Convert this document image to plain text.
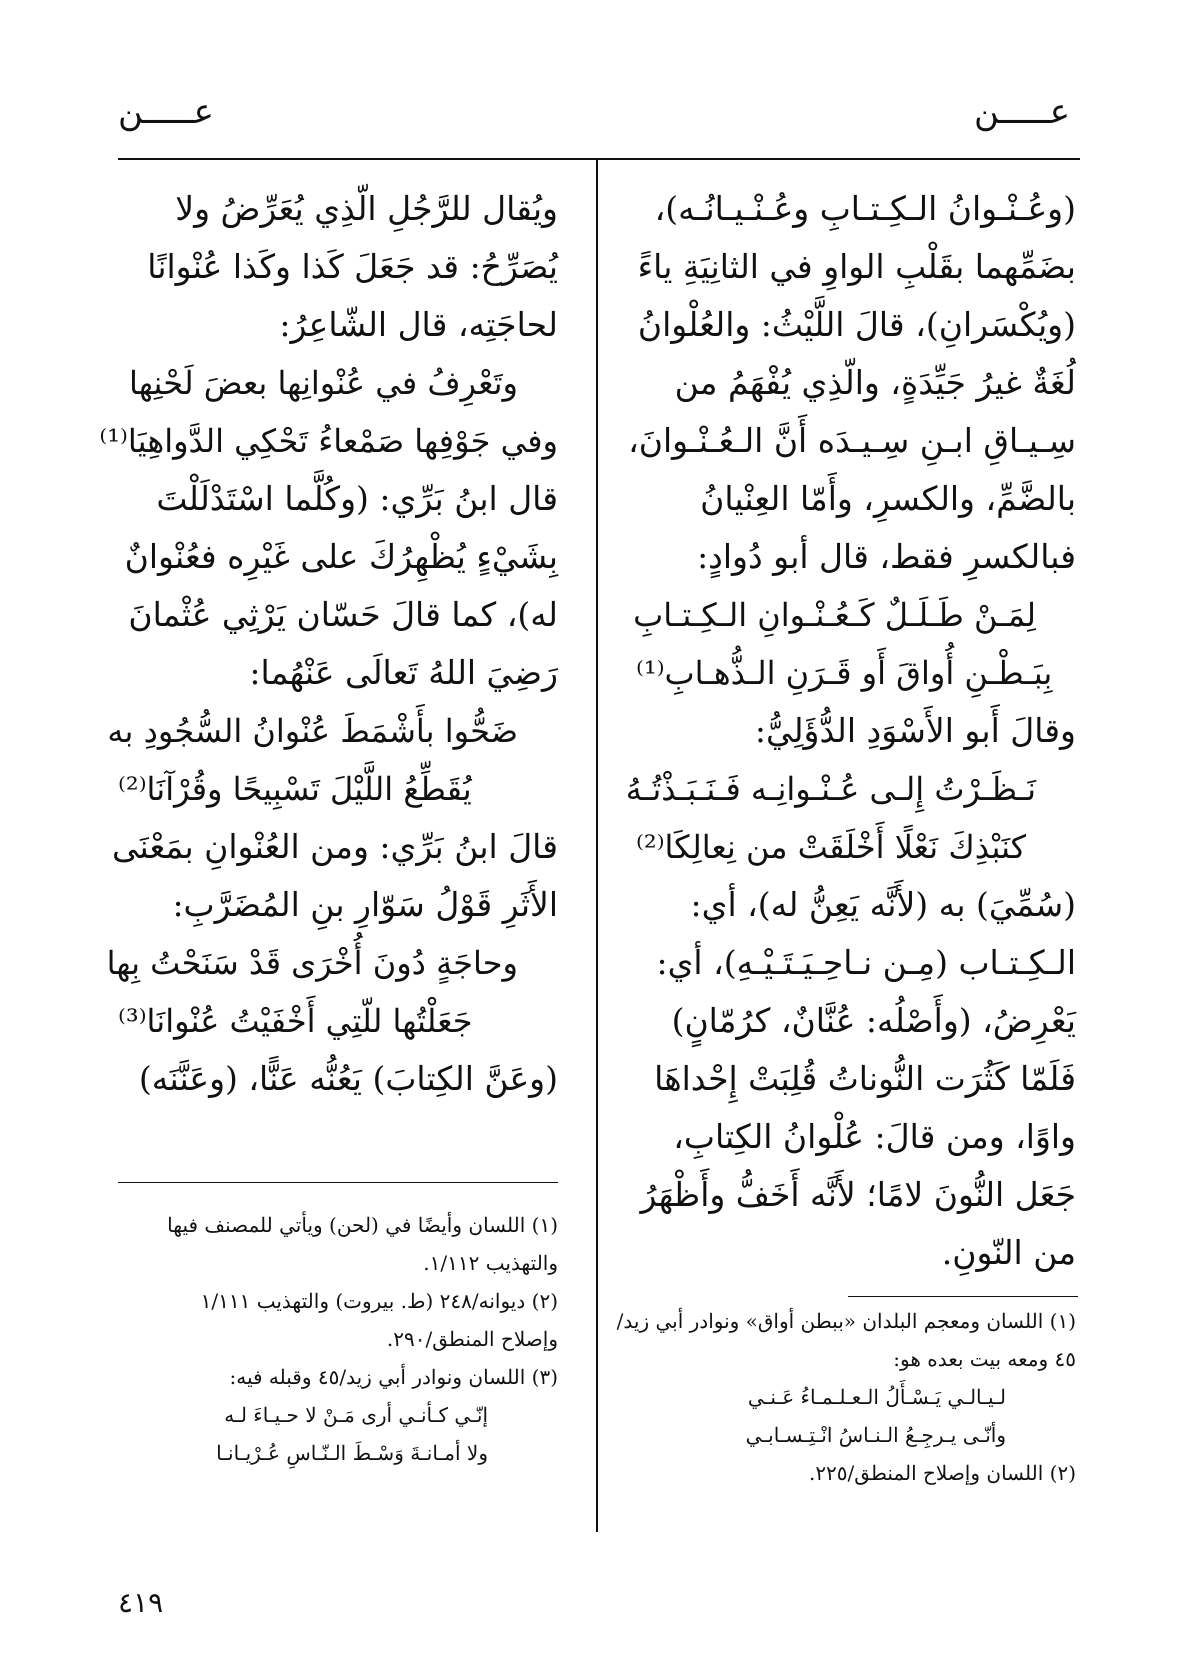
عـــــن
عـــــن
(وعُـنْـوانُ الـكِـتـابِ وعُـنْـيـانُـه)،
بضَمِّهما بقَلْبِ الواوِ في الثانِيَةِ ياءً
(ويُكْسَرانِ)، قالَ اللَّيْثُ: والعُلْوانُ
لُغَةٌ غيرُ جَيِّدَةٍ، والّذِي يُفْهَمُ من
سِـيـاقِ ابـنِ سِـيـدَه أَنَّ الـعُـنْـوانَ،
بالضَّمِّ، والكسرِ، وأَمّا العِنْيانُ
فبالكسرِ فقط، قال أبو دُوادٍ:
لِمَـنْ طَـلَـلٌ كَـعُـنْـوانِ الـكِـتـابِ
بِبَـطْـنِ أُواقَ أَو قَـرَنِ الـذُّهـابِ⁽¹⁾
وقالَ أَبو الأَسْوَدِ الدُّؤَلِيُّ:
نَـظَـرْتُ إِلـى عُـنْـوانِـه فَـنَـبَـذْتُـهُ
كنَبْذِكَ نَعْلًا أَخْلَقَتْ من نِعالِكَا⁽²⁾
(سُمِّيَ) به (لأَنَّه يَعِنُّ له)، أي:
الـكِـتـاب (مِـن نـاحِـيَـتَـيْـهِ)، أي:
يَعْرِضُ، (وأَصْلُه: عُنَّانٌ، كرُمّانٍ)
فَلَمّا كَثُرَت النُّوناتُ قُلِبَتْ إِحْداهَا
واوًا، ومن قالَ: عُلْوانُ الكِتابِ،
جَعَل النُّونَ لامًا؛ لأَنَّه أَخَفُّ وأَظْهَرُ
من النّونِ.
ويُقال للرَّجُلِ الّذِي يُعَرِّضُ ولا
يُصَرِّحُ: قد جَعَلَ كَذا وكَذا عُنْوانًا
لحاجَتِه، قال الشّاعِرُ:
وتَعْرِفُ في عُنْوانِها بعضَ لَحْنِها
وفي جَوْفِها صَمْعاءُ تَحْكِي الدَّواهِيَا⁽¹⁾
قال ابنُ بَرِّي: (وكُلَّما اسْتَدْلَلْتَ
بِشَيْءٍ يُظْهِرُكَ على غَيْرِه فعُنْوانٌ
له)، كما قالَ حَسّان يَرْثِي عُثْمانَ
رَضِيَ اللهُ تَعالَى عَنْهُما:
ضَحُّوا بأَشْمَطَ عُنْوانُ السُّجُودِ به
يُقَطِّعُ اللَّيْلَ تَسْبِيحًا وقُرْآنَا⁽²⁾
قالَ ابنُ بَرِّي: ومن العُنْوانِ بمَعْنَى
الأَثَرِ قَوْلُ سَوّارِ بنِ المُضَرَّبِ:
وحاجَةٍ دُونَ أُخْرَى قَدْ سَنَحْتُ بِها
جَعَلْتُها للّتِي أَخْفَيْتُ عُنْوانَا⁽³⁾
(وعَنَّ الكِتابَ) يَعُنُّه عَنًّا، (وعَنَّنَه)
(١) اللسان ومعجم البلدان «ببطن أواق» ونوادر أبي زيد/
٤٥ ومعه بيت بعده هو:
لـيـالـي يَـسْـأَلُ الـعـلـمـاءُ عَـنـي
وأنّـى يـرجِـعُ الـنـاسُ انْـتِـسـابـي
(٢) اللسان وإصلاح المنطق/٢٢٥.
(١) اللسان وأيضًا في (لحن) ويأتي للمصنف فيها
والتهذيب ١/١١٢.
(٢) ديوانه/٢٤٨ (ط. بيروت) والتهذيب ١/١١١
وإصلاح المنطق/٢٩٠.
(٣) اللسان ونوادر أبي زيد/٤٥ وقبله فيه:
إنّـي كـأنـي أرى مَـنْ لا حـيـاءَ لـه
ولا أمـانـةَ وَسْـطَ الـنّـاسِ عُـرْيـانـا
٤١٩
